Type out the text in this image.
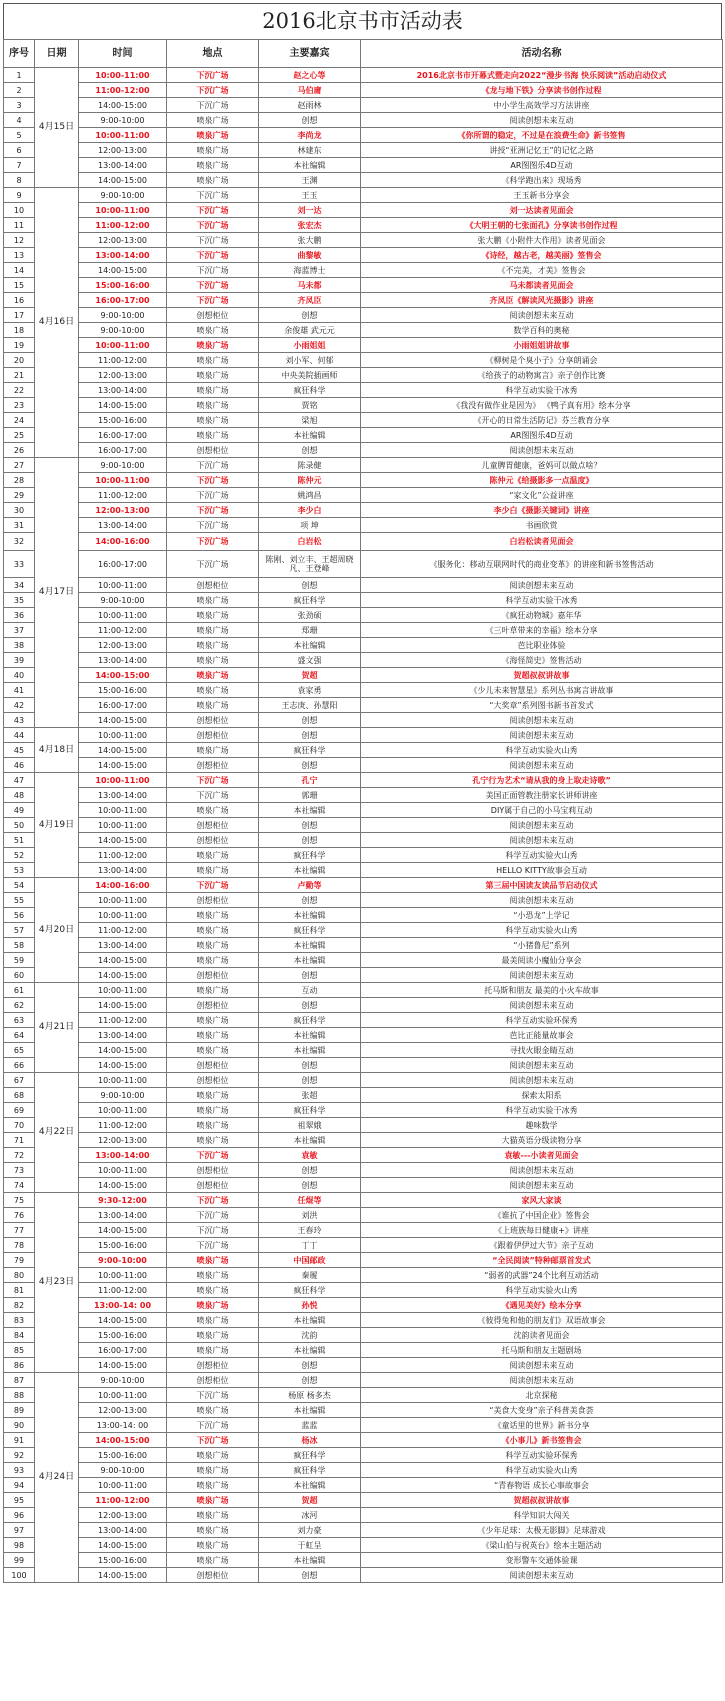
2016北京书市活动表
序号	日期	时间	地点	主要嘉宾	活动名称
1	4月15日	10:00-11:00	下沉广场	赵之心等	2016北京书市开幕式暨走向2022“漫步书海 快乐阅读”活动启动仪式
2		11:00-12:00	下沉广场	马伯庸	《龙与地下铁》分享读书创作过程
3		14:00-15:00	下沉广场	赵雨林	中小学生高效学习方法讲座
4		9:00-10:00	喷泉广场	创想	阅读创想未来互动
5		10:00-11:00	喷泉广场	李尚龙	《你所谓的稳定，不过是在浪费生命》新书签售
6		12:00-13:00	喷泉广场	林建东	讲授“亚洲记忆王”的记忆之路
7		13:00-14:00	喷泉广场	本社编辑	AR图图乐4D互动
8		14:00-15:00	喷泉广场	王渊	《科学跑出来》现场秀
9	4月16日	9:00-10:00	下沉广场	王玉	王玉新书分享会
10		10:00-11:00	下沉广场	刘一达	刘一达读者见面会
11		11:00-12:00	下沉广场	张宏杰	《大明王朝的七张面孔》分享读书创作过程
12		12:00-13:00	下沉广场	张大鹏	张大鹏《小附件大作用》读者见面会
13		13:00-14:00	下沉广场	曲黎敏	《诗经，越古老，越美丽》签售会
14		14:00-15:00	下沉广场	海蓝博士	《不完美，才美》签售会
15		15:00-16:00	下沉广场	马未都	马未都读者见面会
16		16:00-17:00	下沉广场	齐凤臣	齐凤臣《解读风光摄影》讲座
17		9:00-10:00	创想柜位	创想	阅读创想未来互动
18		9:00-10:00	喷泉广场	余俊雄 武元元	数学百科的奥秘
19		10:00-11:00	喷泉广场	小雨姐姐	小雨姐姐讲故事
20		11:00-12:00	喷泉广场	刘小军、何郁	《柳树是个臭小子》分享朗诵会
21		12:00-13:00	喷泉广场	中央美院插画师	《给孩子的动物寓言》亲子创作比赛
22		13:00-14:00	喷泉广场	疯狂科学	科学互动实验干冰秀
23		14:00-15:00	喷泉广场	贾铭	《我没有做作业是因为》 《鸭子真有用》绘本分享
24		15:00-16:00	喷泉广场	梁旭	《开心的日常生活防记》芬兰教育分享
25		16:00-17:00	喷泉广场	本社编辑	AR图图乐4D互动
26		16:00-17:00	创想柜位	创想	阅读创想未来互动
27	4月17日	9:00-10:00	下沉广场	陈录健	儿童脾胃健康，爸妈可以做点啥？
28		10:00-11:00	下沉广场	陈仲元	陈仲元《给摄影多一点温度》
29		11:00-12:00	下沉广场	姚鸿昌	“家文化”公益讲座
30		12:00-13:00	下沉广场	李少白	李少白《摄影关键词》讲座
31		13:00-14:00	下沉广场	项 坤	书画欣赏
32		14:00-16:00	下沉广场	白岩松	白岩松读者见面会
33		16:00-17:00	下沉广场	陈刚、刘立丰、王超周晓凡、王登峰	《服务化：移动互联网时代的商业变革》的讲座和新书签售活动
34		10:00-11:00	创想柜位	创想	阅读创想未来互动
35		9:00-10:00	喷泉广场	疯狂科学	科学互动实验干冰秀
36		10:00-11:00	喷泉广场	张劲硕	《疯狂动物城》嘉年华
37		11:00-12:00	喷泉广场	郑珊	《三叶草带来的幸福》绘本分享
38		12:00-13:00	喷泉广场	本社编辑	芭比职业体验
39		13:00-14:00	喷泉广场	盛文强	《海怪简史》签售活动
40		14:00-15:00	喷泉广场	贺超	贺超叔叔讲故事
41		15:00-16:00	喷泉广场	袁家勇	《少儿未来智慧星》系列丛书寓言讲故事
42		16:00-17:00	喷泉广场	王志庚、孙慧阳	“大奖章”系列图书新书首发式
43		14:00-15:00	创想柜位	创想	阅读创想未来互动
44	4月18日	10:00-11:00	创想柜位	创想	阅读创想未来互动
45		14:00-15:00	喷泉广场	疯狂科学	科学互动实验火山秀
46		14:00-15:00	创想柜位	创想	阅读创想未来互动
47	4月19日	10:00-11:00	下沉广场	孔宁	孔宁行为艺术“请从我的身上取走诗歌”
48		13:00-14:00	下沉广场	郭珊	美国正面管教注册家长讲师讲座
49		10:00-11:00	喷泉广场	本社编辑	DIY属于自己的小马宝莉互动
50		10:00-11:00	创想柜位	创想	阅读创想未来互动
51		14:00-15:00	创想柜位	创想	阅读创想未来互动
52		11:00-12:00	喷泉广场	疯狂科学	科学互动实验火山秀
53		13:00-14:00	喷泉广场	本社编辑	HELLO KITTY故事会互动
54	4月20日	14:00-16:00	下沉广场	卢勤等	第三届中国读友读品节启动仪式
55		10:00-11:00	创想柜位	创想	阅读创想未来互动
56		10:00-11:00	喷泉广场	本社编辑	“小恐龙”上学记
57		11:00-12:00	喷泉广场	疯狂科学	科学互动实验火山秀
58		13:00-14:00	喷泉广场	本社编辑	“小猪鲁尼”系列
59		14:00-15:00	喷泉广场	本社编辑	最美阅读小魔仙分享会
60		14:00-15:00	创想柜位	创想	阅读创想未来互动
61	4月21日	10:00-11:00	喷泉广场	互动	托马斯和朋友 最美的小火车故事
62		14:00-15:00	创想柜位	创想	阅读创想未来互动
63		11:00-12:00	喷泉广场	疯狂科学	科学互动实验环保秀
64		13:00-14:00	喷泉广场	本社编辑	芭比正能量故事会
65		14:00-15:00	喷泉广场	本社编辑	寻找火眼金睛互动
66		14:00-15:00	创想柜位	创想	阅读创想未来互动
67	4月22日	10:00-11:00	创想柜位	创想	阅读创想未来互动
68		9:00-10:00	喷泉广场	张超	探索太阳系
69		10:00-11:00	喷泉广场	疯狂科学	科学互动实验干冰秀
70		11:00-12:00	喷泉广场	祖翠娥	趣味数学
71		12:00-13:00	喷泉广场	本社编辑	大猫英语分级读物分享
72		13:00-14:00	下沉广场	袁敏	袁敏---小读者见面会
73		10:00-11:00	创想柜位	创想	阅读创想未来互动
74		14:00-15:00	创想柜位	创想	阅读创想未来互动
75	4月23日	9:30-12:00	下沉广场	任焜等	家风大家谈
76		13:00-14:00	下沉广场	刘洪	《谁抗了中国企业》签售会
77		14:00-15:00	下沉广场	王春玲	《上班族每日健康+》讲座
78		15:00-16:00	下沉广场	丁丁	《跟着伊伊过大节》亲子互动
79		9:00-10:00	喷泉广场	中国邮政	“全民阅读”特种邮票首发式
80		10:00-11:00	喷泉广场	秦履	“弱者的武器”24个比利互动活动
81		11:00-12:00	喷泉广场	疯狂科学	科学互动实验火山秀
82		13:00-14: 00	喷泉广场	孙悦	《遇见美好》绘本分享
83		14:00-15:00	喷泉广场	本社编辑	《彼得兔和他的朋友们》双语故事会
84		15:00-16:00	喷泉广场	沈韵	沈韵读者见面会
85		16:00-17:00	喷泉广场	本社编辑	托马斯和朋友主题剧场
86		14:00-15:00	创想柜位	创想	阅读创想未来互动
87	4月24日	9:00-10:00	创想柜位	创想	阅读创想未来互动
88		10:00-11:00	下沉广场	杨原 杨多杰	北京探秘
89		12:00-13:00	喷泉广场	本社编辑	“美食大变身”亲子科普美食荟
90		13:00-14: 00	下沉广场	蓝蓝	《童话里的世界》新书分享
91		14:00-15:00	下沉广场	杨冰	《小事儿》新书签售会
92		15:00-16:00	喷泉广场	疯狂科学	科学互动实验环保秀
93		9:00-10:00	喷泉广场	疯狂科学	科学互动实验火山秀
94		10:00-11:00	喷泉广场	本社编辑	“青春物语 成长心事故事会
95		11:00-12:00	喷泉广场	贺超	贺超叔叔讲故事
96		12:00-13:00	喷泉广场	冰河	科学知识大闯关
97		13:00-14:00	喷泉广场	刘力豪	《少年足球：太极无影脚》足球游戏
98		14:00-15:00	喷泉广场	于虹呈	《梁山伯与祝英台》绘本主题活动
99		15:00-16:00	喷泉广场	本社编辑	变形警车交通体验课
100		14:00-15:00	创想柜位	创想	阅读创想未来互动
